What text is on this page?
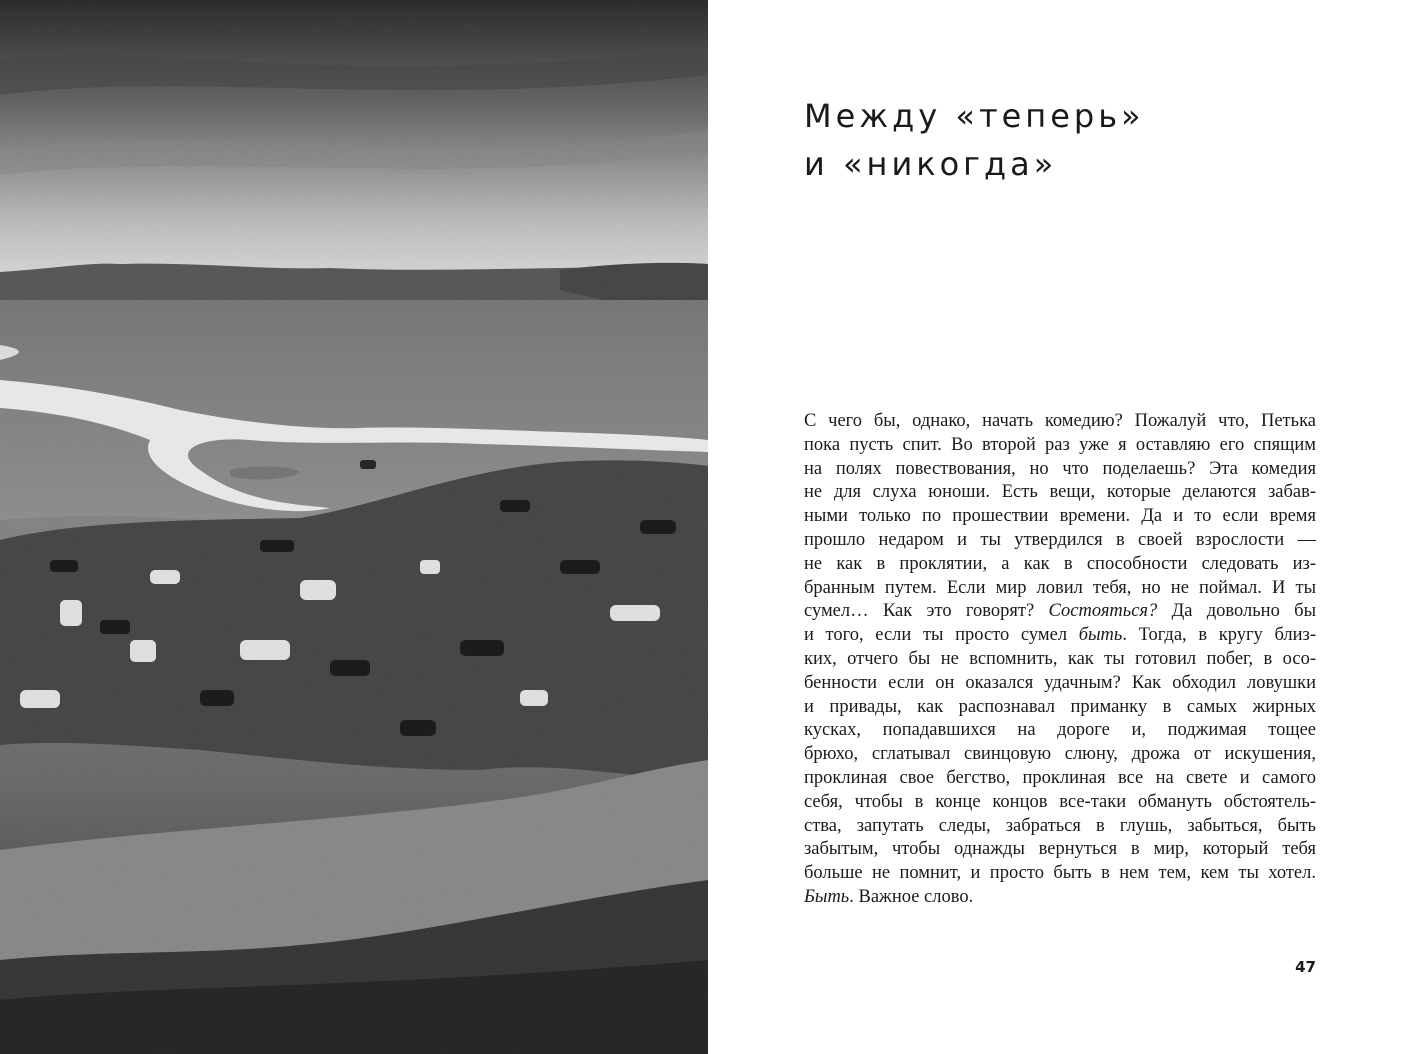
Между «теперь»
и «никогда»
С чего бы, однако, начать комедию? Пожалуй что, Петька
пока пусть спит. Во второй раз уже я оставляю его спящим
на полях повествования, но что поделаешь? Эта комедия
не для слуха юноши. Есть вещи, которые делаются забав-
ными только по прошествии времени. Да и то если время
прошло недаром и ты утвердился в своей взрослости —
не как в проклятии, а как в способности следовать из-
бранным путем. Если мир ловил тебя, но не поймал. И ты
сумел… Как это говорят? Состояться? Да довольно бы
и того, если ты просто сумел быть. Тогда, в кругу близ-
ких, отчего бы не вспомнить, как ты готовил побег, в осо-
бенности если он оказался удачным? Как обходил ловушки
и привады, как распознавал приманку в самых жирных
кусках, попадавшихся на дороге и, поджимая тощее
брюхо, сглатывал свинцовую слюну, дрожа от искушения,
проклиная свое бегство, проклиная все на свете и самого
себя, чтобы в конце концов все-таки обмануть обстоятель-
ства, запутать следы, забраться в глушь, забыться, быть
забытым, чтобы однажды вернуться в мир, который тебя
больше не помнит, и просто быть в нем тем, кем ты хотел.
Быть. Важное слово.
47
